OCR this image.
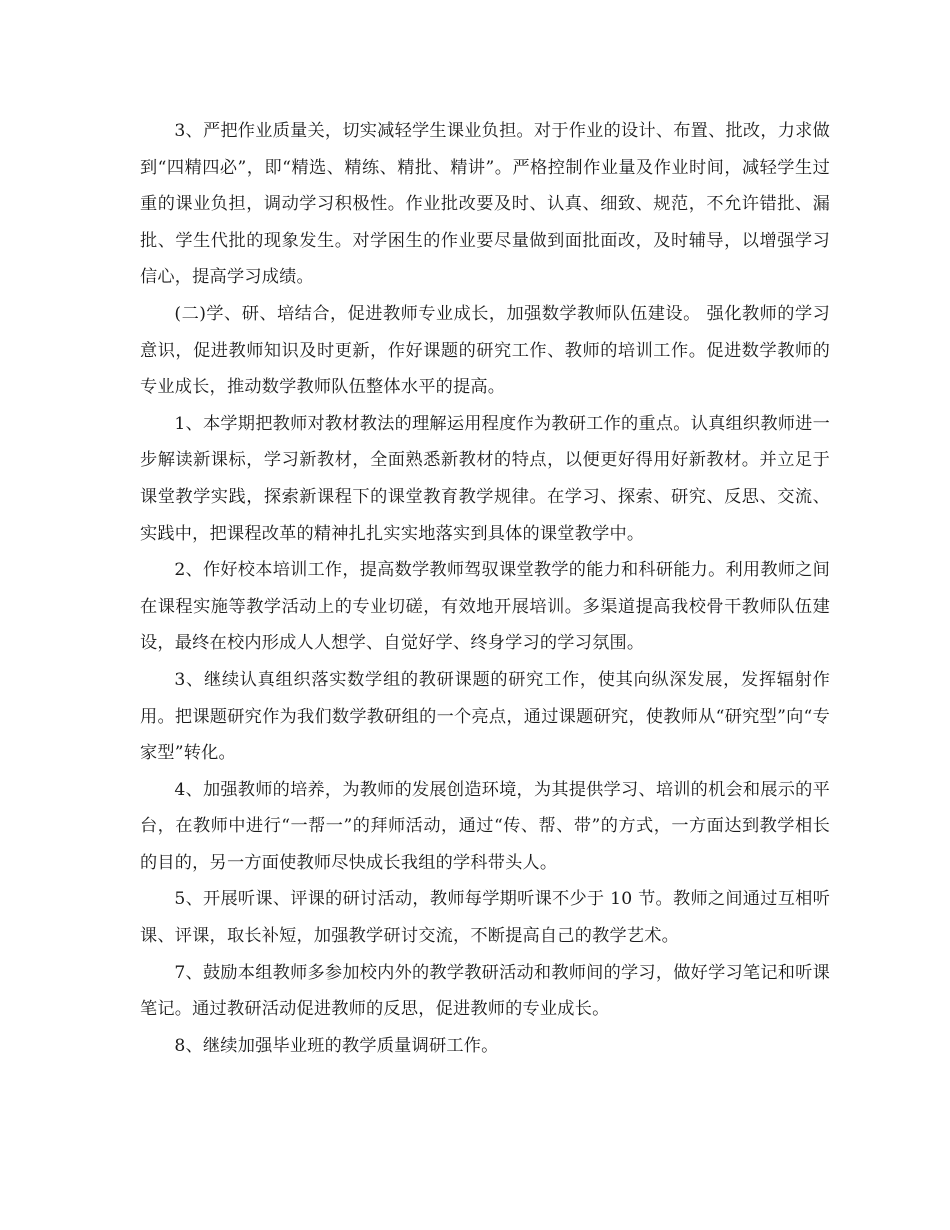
3、严把作业质量关，切实减轻学生课业负担。对于作业的设计、布置、批改，力求做到“四精四必”，即“精选、精练、精批、精讲”。严格控制作业量及作业时间，减轻学生过重的课业负担，调动学习积极性。作业批改要及时、认真、细致、规范，不允许错批、漏批、学生代批的现象发生。对学困生的作业要尽量做到面批面改，及时辅导，以增强学习信心，提高学习成绩。

(二)学、研、培结合，促进教师专业成长，加强数学教师队伍建设。 强化教师的学习意识，促进教师知识及时更新，作好课题的研究工作、教师的培训工作。促进数学教师的专业成长，推动数学教师队伍整体水平的提高。

1、本学期把教师对教材教法的理解运用程度作为教研工作的重点。认真组织教师进一步解读新课标，学习新教材，全面熟悉新教材的特点，以便更好得用好新教材。并立足于课堂教学实践，探索新课程下的课堂教育教学规律。在学习、探索、研究、反思、交流、实践中，把课程改革的精神扎扎实实地落实到具体的课堂教学中。

2、作好校本培训工作，提高数学教师驾驭课堂教学的能力和科研能力。利用教师之间在课程实施等教学活动上的专业切磋，有效地开展培训。多渠道提高我校骨干教师队伍建设，最终在校内形成人人想学、自觉好学、终身学习的学习氛围。

3、继续认真组织落实数学组的教研课题的研究工作，使其向纵深发展，发挥辐射作用。把课题研究作为我们数学教研组的一个亮点，通过课题研究，使教师从“研究型”向“专家型”转化。

4、加强教师的培养，为教师的发展创造环境，为其提供学习、培训的机会和展示的平台，在教师中进行“一帮一”的拜师活动，通过“传、帮、带”的方式，一方面达到教学相长的目的，另一方面使教师尽快成长我组的学科带头人。

5、开展听课、评课的研讨活动，教师每学期听课不少于 10 节。教师之间通过互相听课、评课，取长补短，加强教学研讨交流，不断提高自己的教学艺术。

7、鼓励本组教师多参加校内外的教学教研活动和教师间的学习，做好学习笔记和听课笔记。通过教研活动促进教师的反思，促进教师的专业成长。

8、继续加强毕业班的教学质量调研工作。
